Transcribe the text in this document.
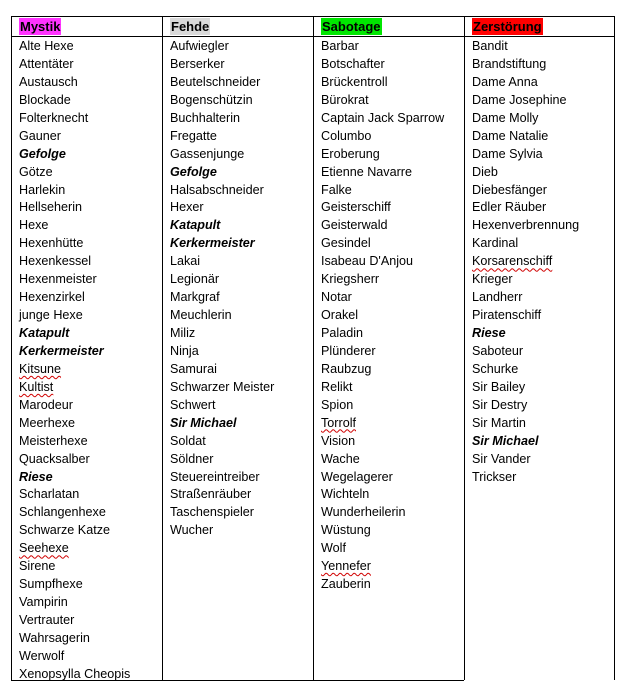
Mystik
Alte Hexe
Attentäter
Austausch
Blockade
Folterknecht
Gauner
Gefolge
Götze
Harlekin
Hellseherin
Hexe
Hexenhütte
Hexenkessel
Hexenmeister
Hexenzirkel
junge Hexe
Katapult
Kerkermeister
Kitsune
Kultist
Marodeur
Meerhexe
Meisterhexe
Quacksalber
Riese
Scharlatan
Schlangenhexe
Schwarze Katze
Seehexe
Sirene
Sumpfhexe
Vampirin
Vertrauter
Wahrsagerin
Werwolf
Xenopsylla Cheopis
Fehde
Aufwiegler
Berserker
Beutelschneider
Bogenschützin
Buchhalterin
Fregatte
Gassenjunge
Gefolge
Halsabschneider
Hexer
Katapult
Kerkermeister
Lakai
Legionär
Markgraf
Meuchlerin
Miliz
Ninja
Samurai
Schwarzer Meister
Schwert
Sir Michael
Soldat
Söldner
Steuereintreiber
Straßenräuber
Taschenspieler
Wucher
Sabotage
Barbar
Botschafter
Brückentroll
Bürokrat
Captain Jack Sparrow
Columbo
Eroberung
Etienne Navarre
Falke
Geisterschiff
Geisterwald
Gesindel
Isabeau D'Anjou
Kriegsherr
Notar
Orakel
Paladin
Plünderer
Raubzug
Relikt
Spion
Torrolf
Vision
Wache
Wegelagerer
Wichteln
Wunderheilerin
Wüstung
Wolf
Yennefer
Zauberin
Zerstörung
Bandit
Brandstiftung
Dame Anna
Dame Josephine
Dame Molly
Dame Natalie
Dame Sylvia
Dieb
Diebesfänger
Edler Räuber
Hexenverbrennung
Kardinal
Korsarenschiff
Krieger
Landherr
Piratenschiff
Riese
Saboteur
Schurke
Sir Bailey
Sir Destry
Sir Martin
Sir Michael
Sir Vander
Trickser
